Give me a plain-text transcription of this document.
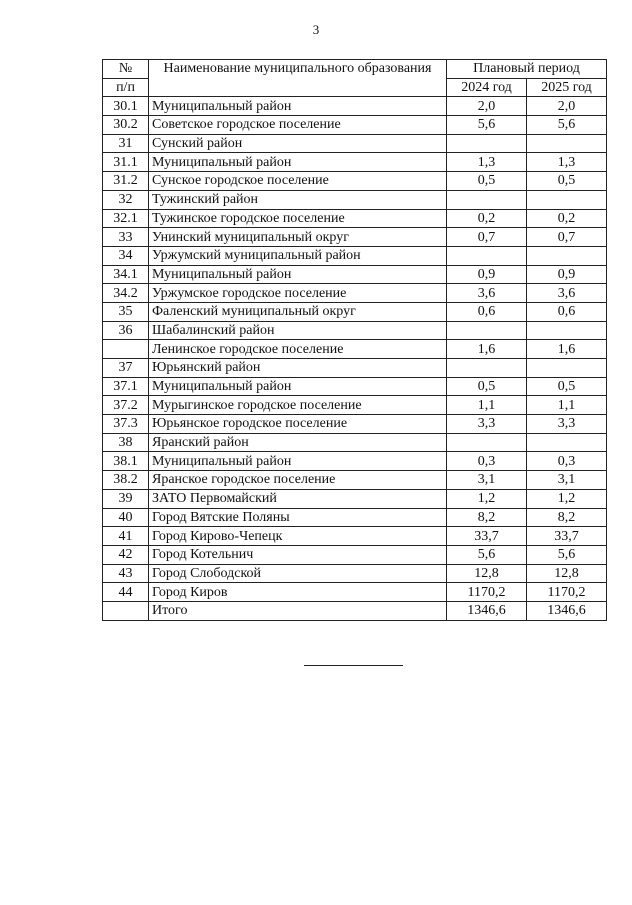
3
№	Наименование муниципального образования	Плановый период	
п/п		2024 год	2025 год
30.1	Муниципальный район	2,0	2,0
30.2	Советское городское поселение	5,6	5,6
31	Сунский район		
31.1	Муниципальный район	1,3	1,3
31.2	Сунское городское поселение	0,5	0,5
32	Тужинский район		
32.1	Тужинское городское поселение	0,2	0,2
33	Унинский муниципальный округ	0,7	0,7
34	Уржумский муниципальный район		
34.1	Муниципальный район	0,9	0,9
34.2	Уржумское городское поселение	3,6	3,6
35	Фаленский муниципальный округ	0,6	0,6
36	Шабалинский район		
	Ленинское городское поселение	1,6	1,6
37	Юрьянский район		
37.1	Муниципальный район	0,5	0,5
37.2	Мурыгинское городское поселение	1,1	1,1
37.3	Юрьянское городское поселение	3,3	3,3
38	Яранский район		
38.1	Муниципальный район	0,3	0,3
38.2	Яранское городское поселение	3,1	3,1
39	ЗАТО Первомайский	1,2	1,2
40	Город Вятские Поляны	8,2	8,2
41	Город Кирово-Чепецк	33,7	33,7
42	Город Котельнич	5,6	5,6
43	Город Слободской	12,8	12,8
44	Город Киров	1170,2	1170,2
	Итого	1346,6	1346,6
